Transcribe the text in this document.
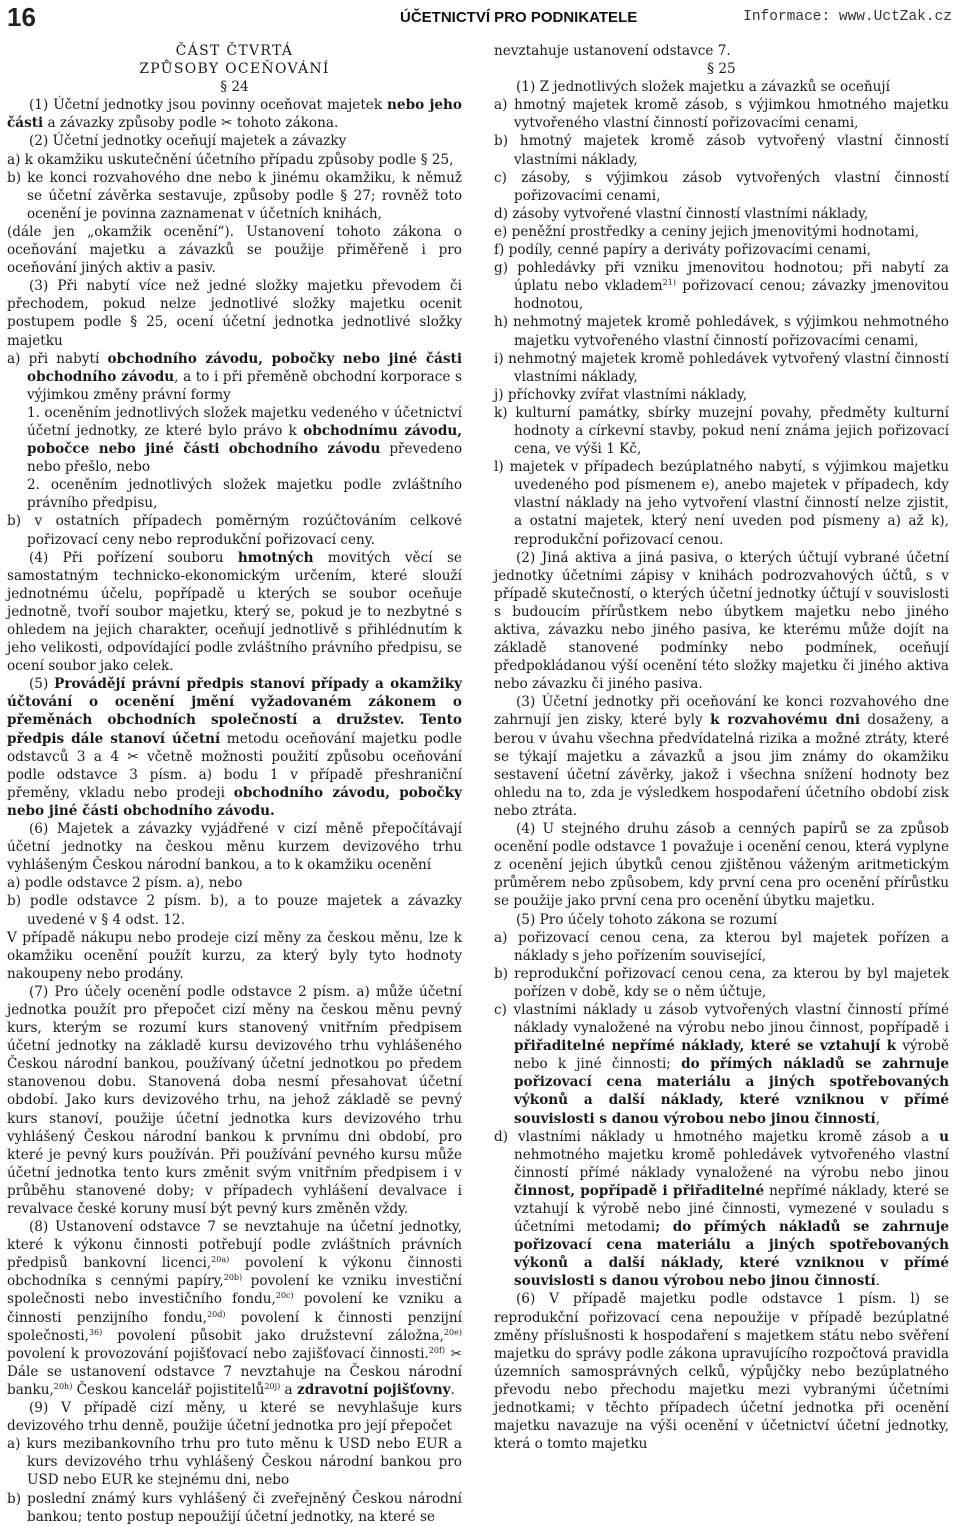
16	ÚČETNICTVÍ PRO PODNIKATELE	Informace: www.UctZak.cz

ČÁST ČTVRTÁ

ZPŮSOBY OCEŇOVÁNÍ

§ 24

(1) Účetní jednotky jsou povinny oceňovat majetek nebo jeho části a závazky způsoby podle ✂ tohoto zákona.

(2) Účetní jednotky oceňují majetek a závazky

a) k okamžiku uskutečnění účetního případu způsoby podle § 25,

b) ke konci rozvahového dne nebo k jinému okamžiku, k němuž se účetní závěrka sestavuje, způsoby podle § 27; rovněž toto ocenění je povinna zaznamenat v účetních knihách,

(dále jen „okamžik ocenění“). Ustanovení tohoto zákona o oceňování majetku a závazků se použije přiměřeně i pro oceňování jiných aktiv a pasiv.

(3) Při nabytí více než jedné složky majetku převodem či přechodem, pokud nelze jednotlivé složky majetku ocenit postupem podle § 25, ocení účetní jednotka jednotlivé složky majetku

a) při nabytí obchodního závodu, pobočky nebo jiné části obchodního závodu, a to i při přeměně obchodní korporace s výjimkou změny právní formy

1. oceněním jednotlivých složek majetku vedeného v účetnictví účetní jednotky, ze které bylo právo k obchodnímu závodu, pobočce nebo jiné části obchodního závodu převedeno nebo přešlo, nebo

2. oceněním jednotlivých složek majetku podle zvláštního právního předpisu,

b) v ostatních případech poměrným rozúčtováním celkové pořizovací ceny nebo reprodukční pořizovací ceny.

(4) Při pořízení souboru hmotných movitých věcí se samostatným technicko-ekonomickým určením, které slouží jednotnému účelu, popřípadě u kterých se soubor oceňuje jednotně, tvoří soubor majetku, který se, pokud je to nezbytné s ohledem na jejich charakter, oceňují jednotlivě s přihlédnutím k jeho velikosti, odpovídající podle zvláštního právního předpisu, se ocení soubor jako celek.

(5) Provádějí právní předpis stanoví případy a okamžiky účtování o ocenění jmění vyžadovaném zákonem o přeměnách obchodních společností a družstev. Tento předpis dále stanoví účetní metodu oceňování majetku podle odstavců 3 a 4 ✂ včetně možnosti použití způsobu oceňování podle odstavce 3 písm. a) bodu 1 v případě přeshraniční přeměny, vkladu nebo prodeji obchodního závodu, pobočky nebo jiné části obchodního závodu.

(6) Majetek a závazky vyjádřené v cizí měně přepočítávají účetní jednotky na českou měnu kurzem devizového trhu vyhlášeným Českou národní bankou, a to k okamžiku ocenění

a) podle odstavce 2 písm. a), nebo

b) podle odstavce 2 písm. b), a to pouze majetek a závazky uvedené v § 4 odst. 12.

V případě nákupu nebo prodeje cizí měny za českou měnu, lze k okamžiku ocenění použít kurzu, za který byly tyto hodnoty nakoupeny nebo prodány.

(7) Pro účely ocenění podle odstavce 2 písm. a) může účetní jednotka použít pro přepočet cizí měny na českou měnu pevný kurs, kterým se rozumí kurs stanovený vnitřním předpisem účetní jednotky na základě kursu devizového trhu vyhlášeného Českou národní bankou, používaný účetní jednotkou po předem stanovenou dobu. Stanovená doba nesmí přesahovat účetní období. Jako kurs devizového trhu, na jehož základě se pevný kurs stanoví, použije účetní jednotka kurs devizového trhu vyhlášený Českou národní bankou k prvnímu dni období, pro které je pevný kurs používán. Při používání pevného kursu může účetní jednotka tento kurs změnit svým vnitřním předpisem i v průběhu stanovené doby; v případech vyhlášení devalvace i revalvace české koruny musí být pevný kurs změněn vždy.

(8) Ustanovení odstavce 7 se nevztahuje na účetní jednotky, které k výkonu činnosti potřebují podle zvláštních právních předpisů bankovní licenci,$^{20a)}$ povolení k výkonu činnosti obchodníka s cennými papíry,$^{20b)}$ povolení ke vzniku investiční společnosti nebo investičního fondu,$^{20c)}$ povolení ke vzniku a činnosti penzijního fondu,$^{20d)}$ povolení k činnosti penzijní společnosti,$^{36)}$ povolení působit jako družstevní záložna,$^{20e)}$ povolení k provozování pojišťovací nebo zajišťovací činnosti.$^{20f)}$ ✂ Dále se ustanovení odstavce 7 nevztahuje na Českou národní banku,$^{20h)}$ Českou kancelář pojistitelů$^{20j)}$ a zdravotní pojišťovny.

(9) V případě cizí měny, u které se nevyhlašuje kurs devizového trhu denně, použije účetní jednotka pro její přepočet

a) kurs mezibankovního trhu pro tuto měnu k USD nebo EUR a kurs devizového trhu vyhlášený Českou národní bankou pro USD nebo EUR ke stejnému dni, nebo

b) poslední známý kurs vyhlášený či zveřejněný Českou národní bankou; tento postup nepoužijí účetní jednotky, na které se

nevztahuje ustanovení odstavce 7.

§ 25

(1) Z jednotlivých složek majetku a závazků se oceňují

a) hmotný majetek kromě zásob, s výjimkou hmotného majetku vytvořeného vlastní činností pořizovacími cenami,

b) hmotný majetek kromě zásob vytvořený vlastní činností vlastními náklady,

c) zásoby, s výjimkou zásob vytvořených vlastní činností pořizovacími cenami,

d) zásoby vytvořené vlastní činností vlastními náklady,

e) peněžní prostředky a ceniny jejich jmenovitými hodnotami,

f) podíly, cenné papíry a deriváty pořizovacími cenami,

g) pohledávky při vzniku jmenovitou hodnotou; při nabytí za úplatu nebo vkladem$^{21)}$ pořizovací cenou; závazky jmenovitou hodnotou,

h) nehmotný majetek kromě pohledávek, s výjimkou nehmotného majetku vytvořeného vlastní činností pořizovacími cenami,

i) nehmotný majetek kromě pohledávek vytvořený vlastní činností vlastními náklady,

j) příchovky zvířat vlastními náklady,

k) kulturní památky, sbírky muzejní povahy, předměty kulturní hodnoty a církevní stavby, pokud není známa jejich pořizovací cena, ve výši 1 Kč,

l) majetek v případech bezúplatného nabytí, s výjimkou majetku uvedeného pod písmenem e), anebo majetek v případech, kdy vlastní náklady na jeho vytvoření vlastní činností nelze zjistit, a ostatní majetek, který není uveden pod písmeny a) až k), reprodukční pořizovací cenou.

(2) Jiná aktiva a jiná pasiva, o kterých účtují vybrané účetní jednotky účetními zápisy v knihách podrozvahových účtů, s v případě skutečností, o kterých účetní jednotky účtují v souvislosti s budoucím přírůstkem nebo úbytkem majetku nebo jiného aktiva, závazku nebo jiného pasiva, ke kterému může dojít na základě stanovené podmínky nebo podmínek, oceňují předpokládanou výší ocenění této složky majetku či jiného aktiva nebo závazku či jiného pasiva.

(3) Účetní jednotky při oceňování ke konci rozvahového dne zahrnují jen zisky, které byly k rozvahovému dni dosaženy, a berou v úvahu všechna předvídatelná rizika a možné ztráty, které se týkají majetku a závazků a jsou jim známy do okamžiku sestavení účetní závěrky, jakož i všechna snížení hodnoty bez ohledu na to, zda je výsledkem hospodaření účetního období zisk nebo ztráta.

(4) U stejného druhu zásob a cenných papírů se za způsob ocenění podle odstavce 1 považuje i ocenění cenou, která vyplyne z ocenění jejich úbytků cenou zjištěnou váženým aritmetickým průměrem nebo způsobem, kdy první cena pro ocenění přírůstku se použije jako první cena pro ocenění úbytku majetku.

(5) Pro účely tohoto zákona se rozumí

a) pořizovací cenou cena, za kterou byl majetek pořízen a náklady s jeho pořízením související,

b) reprodukční pořizovací cenou cena, za kterou by byl majetek pořízen v době, kdy se o něm účtuje,

c) vlastními náklady u zásob vytvořených vlastní činností přímé náklady vynaložené na výrobu nebo jinou činnost, popřípadě i přiřaditelné nepřímé náklady, které se vztahují k výrobě nebo k jiné činnosti; do přímých nákladů se zahrnuje pořizovací cena materiálu a jiných spotřebovaných výkonů a další náklady, které vzniknou v přímé souvislosti s danou výrobou nebo jinou činností,

d) vlastními náklady u hmotného majetku kromě zásob a u nehmotného majetku kromě pohledávek vytvořeného vlastní činností přímé náklady vynaložené na výrobu nebo jinou činnost, popřípadě i přiřaditelné nepřímé náklady, které se vztahují k výrobě nebo jiné činnosti, vymezené v souladu s účetními metodami; do přímých nákladů se zahrnuje pořizovací cena materiálu a jiných spotřebovaných výkonů a další náklady, které vzniknou v přímé souvislosti s danou výrobou nebo jinou činností.

(6) V případě majetku podle odstavce 1 písm. l) se reprodukční pořizovací cena nepoužije v případě bezúplatné změny příslušnosti k hospodaření s majetkem státu nebo svěření majetku do správy podle zákona upravujícího rozpočtová pravidla územních samosprávných celků, výpůjčky nebo bezúplatného převodu nebo přechodu majetku mezi vybranými účetními jednotkami; v těchto případech účetní jednotka při ocenění majetku navazuje na výši ocenění v účetnictví účetní jednotky, která o tomto majetku
